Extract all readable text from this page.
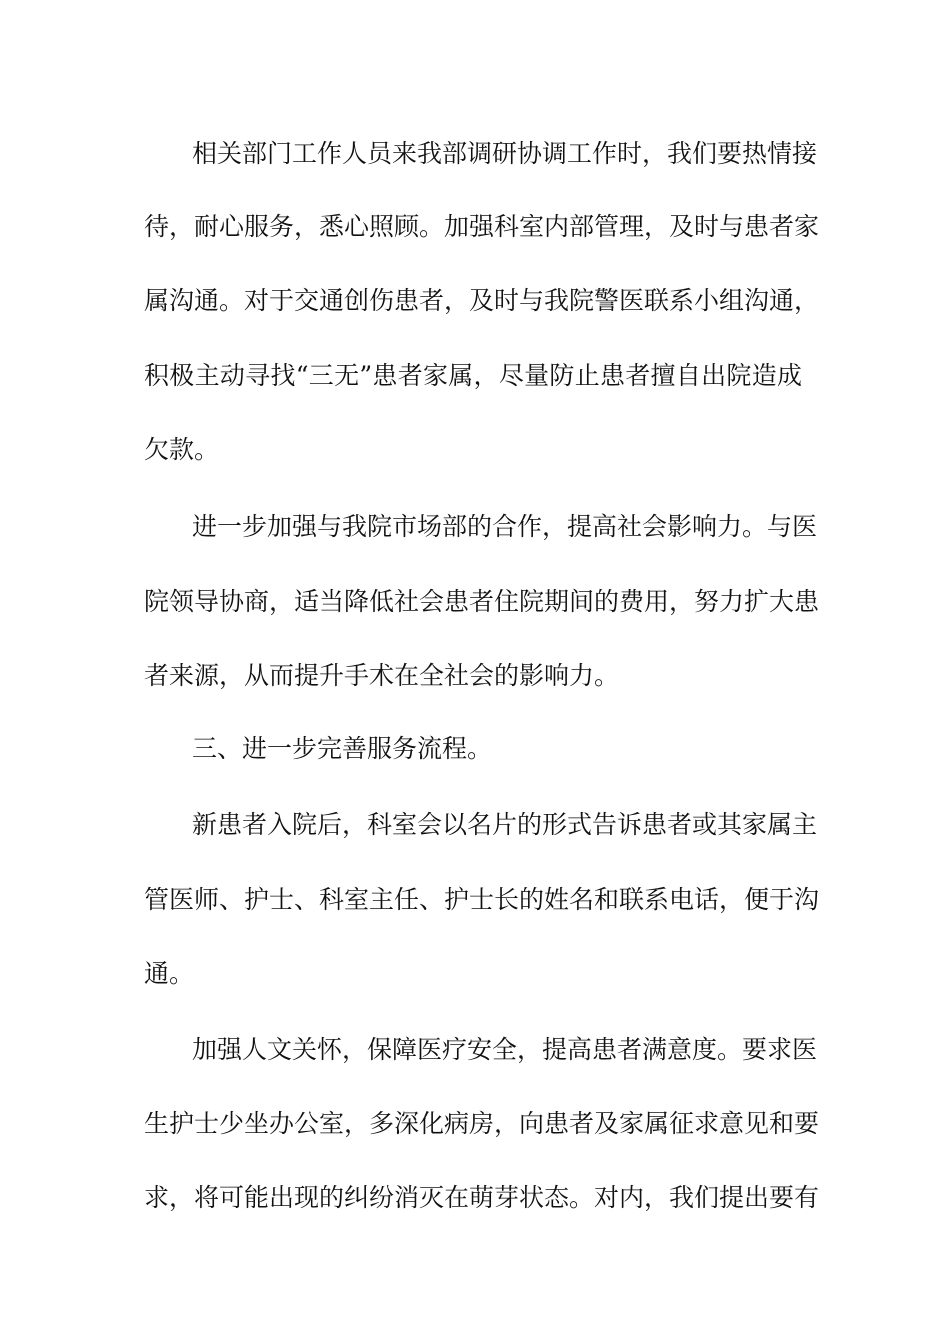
相关部门工作人员来我部调研协调工作时，我们要热情接
待，耐心服务，悉心照顾。加强科室内部管理，及时与患者家
属沟通。对于交通创伤患者，及时与我院警医联系小组沟通，
积极主动寻找“三无”患者家属，尽量防止患者擅自出院造成
欠款。
进一步加强与我院市场部的合作，提高社会影响力。与医
院领导协商，适当降低社会患者住院期间的费用，努力扩大患
者来源，从而提升手术在全社会的影响力。
三、进一步完善服务流程。
新患者入院后，科室会以名片的形式告诉患者或其家属主
管医师、护士、科室主任、护士长的姓名和联系电话，便于沟
通。
加强人文关怀，保障医疗安全，提高患者满意度。要求医
生护士少坐办公室，多深化病房，向患者及家属征求意见和要
求，将可能出现的纠纷消灭在萌芽状态。对内，我们提出要有
